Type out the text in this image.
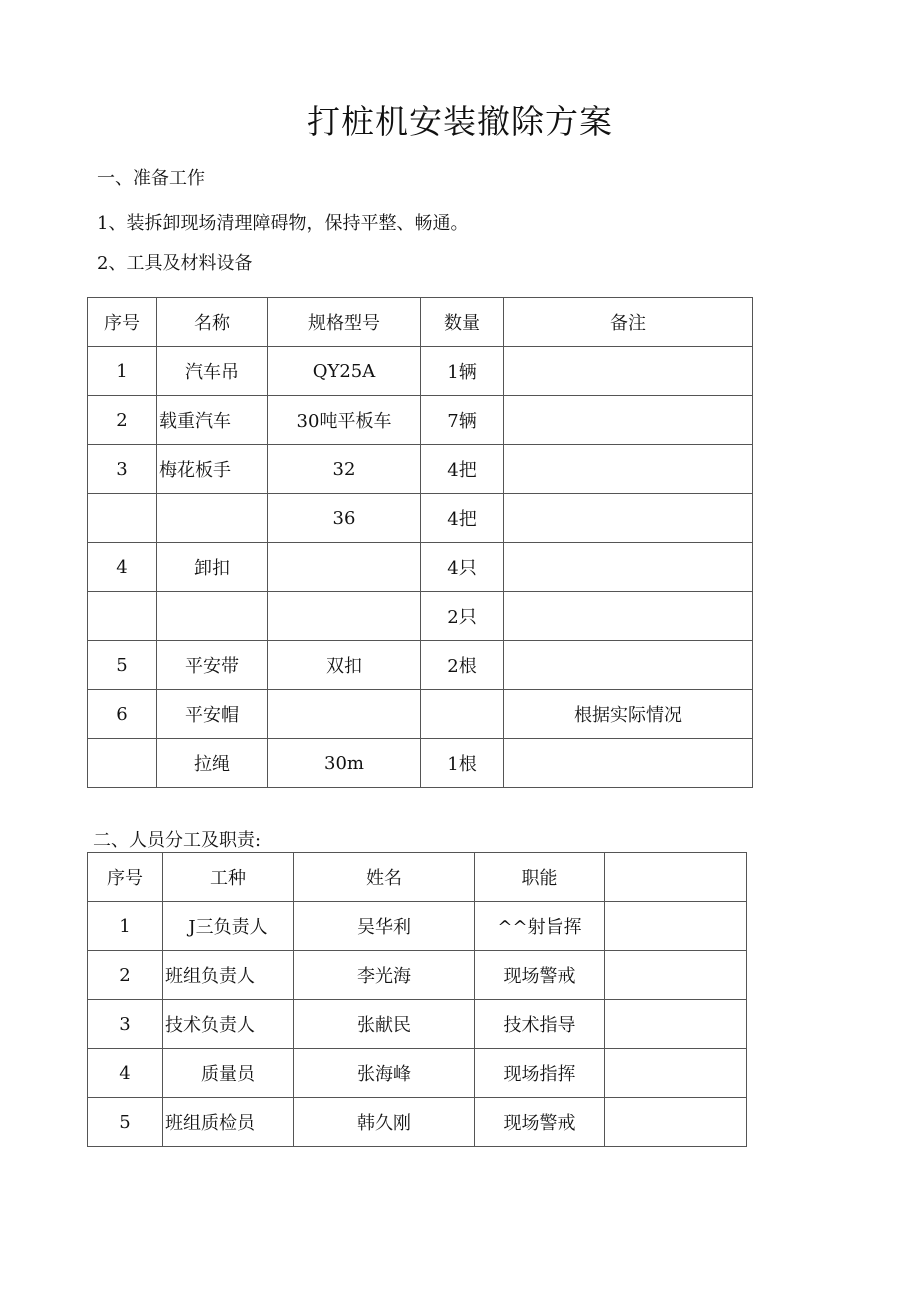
打桩机安装撤除方案

一、准备工作

1、装拆卸现场清理障碍物，保持平整、畅通。

2、工具及材料设备

序号	名称	规格型号	数量	备注
1	汽车吊	QY25A	1辆	
2	载重汽车	30吨平板车	7辆	
3	梅花板手	32	4把	
		36	4把	
4	卸扣		4只	
			2只	
5	平安带	双扣	2根	
6	平安帽			根据实际情况
	拉绳	30m	1根	

二、人员分工及职责:

序号	工种	姓名	职能	
1	J三负责人	吴华利	^^射旨挥	
2	班组负责人	李光海	现场警戒	
3	技术负责人	张献民	技术指导	
4	质量员	张海峰	现场指挥	
5	班组质检员	韩久刚	现场警戒	
